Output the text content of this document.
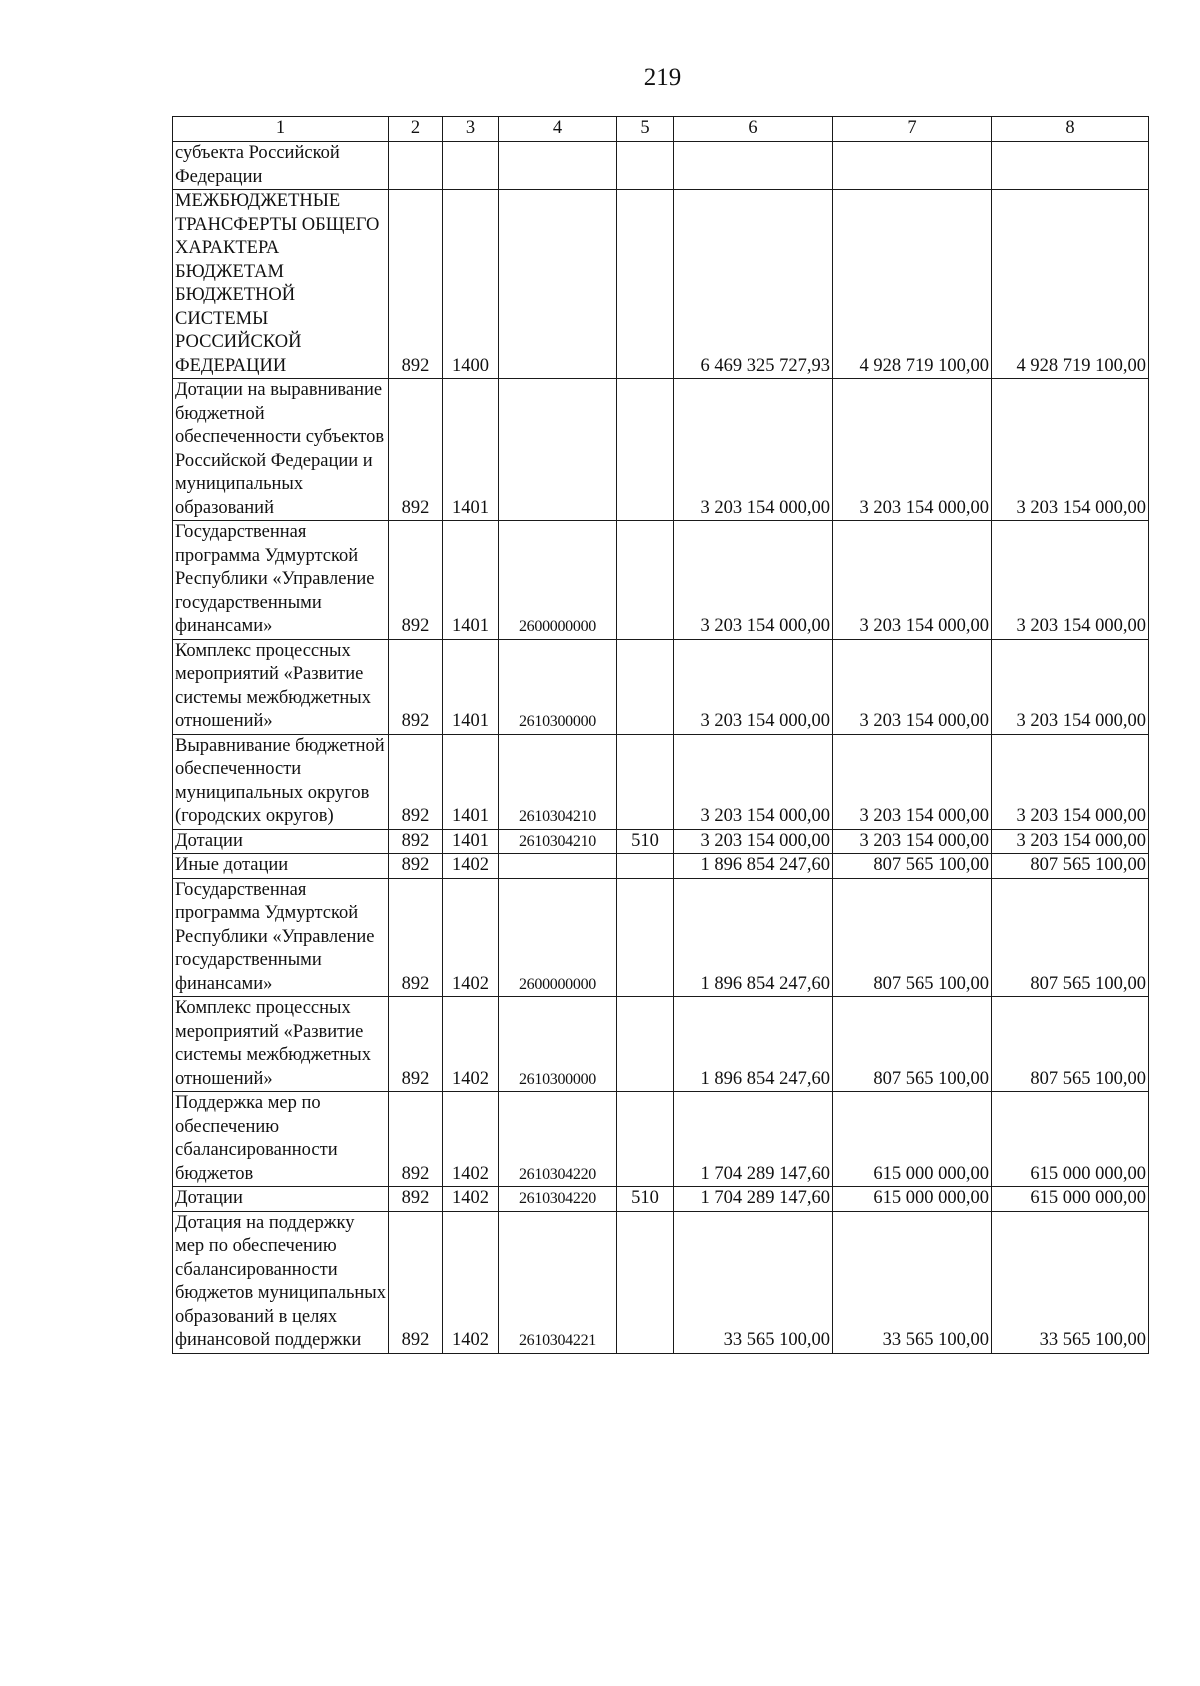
219
1	2	3	4	5	6	7	8
субъекта Российской Федерации							
МЕЖБЮДЖЕТНЫЕ ТРАНСФЕРТЫ ОБЩЕГО ХАРАКТЕРА БЮДЖЕТАМ БЮДЖЕТНОЙ СИСТЕМЫ РОССИЙСКОЙ ФЕДЕРАЦИИ	892	1400			6 469 325 727,93	4 928 719 100,00	4 928 719 100,00
Дотации на выравнивание бюджетной обеспеченности субъектов Российской Федерации и муниципальных образований	892	1401			3 203 154 000,00	3 203 154 000,00	3 203 154 000,00
Государственная программа Удмуртской Республики «Управление государственными финансами»	892	1401	2600000000		3 203 154 000,00	3 203 154 000,00	3 203 154 000,00
Комплекс процессных мероприятий «Развитие системы межбюджетных отношений»	892	1401	2610300000		3 203 154 000,00	3 203 154 000,00	3 203 154 000,00
Выравнивание бюджетной обеспеченности муниципальных округов (городских округов)	892	1401	2610304210		3 203 154 000,00	3 203 154 000,00	3 203 154 000,00
Дотации	892	1401	2610304210	510	3 203 154 000,00	3 203 154 000,00	3 203 154 000,00
Иные дотации	892	1402			1 896 854 247,60	807 565 100,00	807 565 100,00
Государственная программа Удмуртской Республики «Управление государственными финансами»	892	1402	2600000000		1 896 854 247,60	807 565 100,00	807 565 100,00
Комплекс процессных мероприятий «Развитие системы межбюджетных отношений»	892	1402	2610300000		1 896 854 247,60	807 565 100,00	807 565 100,00
Поддержка мер по обеспечению сбалансированности бюджетов	892	1402	2610304220		1 704 289 147,60	615 000 000,00	615 000 000,00
Дотации	892	1402	2610304220	510	1 704 289 147,60	615 000 000,00	615 000 000,00
Дотация на поддержку мер по обеспечению сбалансированности бюджетов муниципальных образований в целях финансовой поддержки	892	1402	2610304221		33 565 100,00	33 565 100,00	33 565 100,00
